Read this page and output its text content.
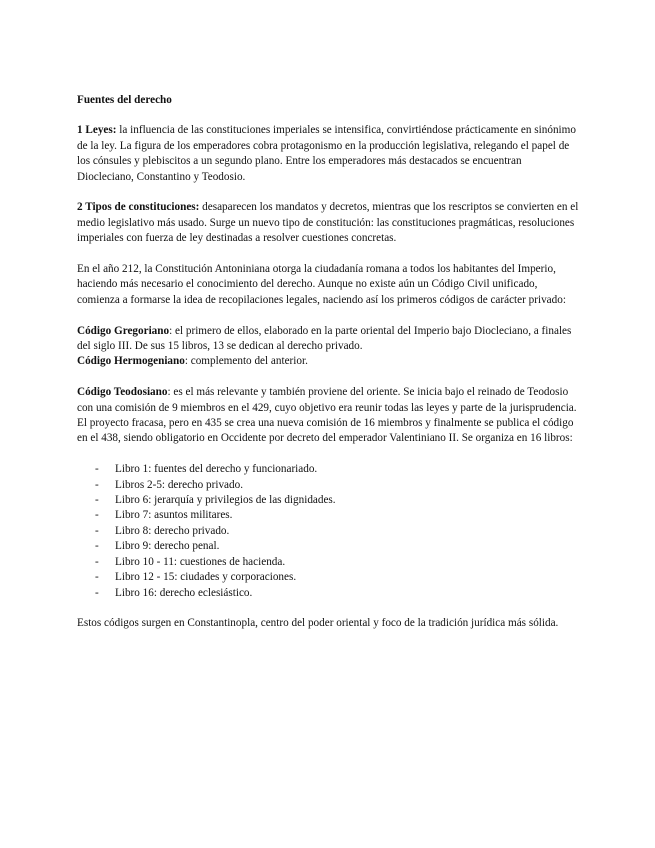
Fuentes del derecho

1 Leyes: la influencia de las constituciones imperiales se intensifica, convirtiéndose prácticamente en sinónimo de la ley. La figura de los emperadores cobra protagonismo en la producción legislativa, relegando el papel de los cónsules y plebiscitos a un segundo plano. Entre los emperadores más destacados se encuentran Diocleciano, Constantino y Teodosio.

2 Tipos de constituciones: desaparecen los mandatos y decretos, mientras que los rescriptos se convierten en el medio legislativo más usado. Surge un nuevo tipo de constitución: las constituciones pragmáticas, resoluciones imperiales con fuerza de ley destinadas a resolver cuestiones concretas.

En el año 212, la Constitución Antoniniana otorga la ciudadanía romana a todos los habitantes del Imperio, haciendo más necesario el conocimiento del derecho. Aunque no existe aún un Código Civil unificado, comienza a formarse la idea de recopilaciones legales, naciendo así los primeros códigos de carácter privado:

Código Gregoriano: el primero de ellos, elaborado en la parte oriental del Imperio bajo Diocleciano, a finales del siglo III. De sus 15 libros, 13 se dedican al derecho privado.

Código Hermogeniano: complemento del anterior.

Código Teodosiano: es el más relevante y también proviene del oriente. Se inicia bajo el reinado de Teodosio con una comisión de 9 miembros en el 429, cuyo objetivo era reunir todas las leyes y parte de la jurisprudencia. El proyecto fracasa, pero en 435 se crea una nueva comisión de 16 miembros y finalmente se publica el código en el 438, siendo obligatorio en Occidente por decreto del emperador Valentiniano II. Se organiza en 16 libros:

- Libro 1: fuentes del derecho y funcionariado.
- Libros 2-5: derecho privado.
- Libro 6: jerarquía y privilegios de las dignidades.
- Libro 7: asuntos militares.
- Libro 8: derecho privado.
- Libro 9: derecho penal.
- Libro 10 - 11: cuestiones de hacienda.
- Libro 12 - 15: ciudades y corporaciones.
- Libro 16: derecho eclesiástico.

Estos códigos surgen en Constantinopla, centro del poder oriental y foco de la tradición jurídica más sólida.
